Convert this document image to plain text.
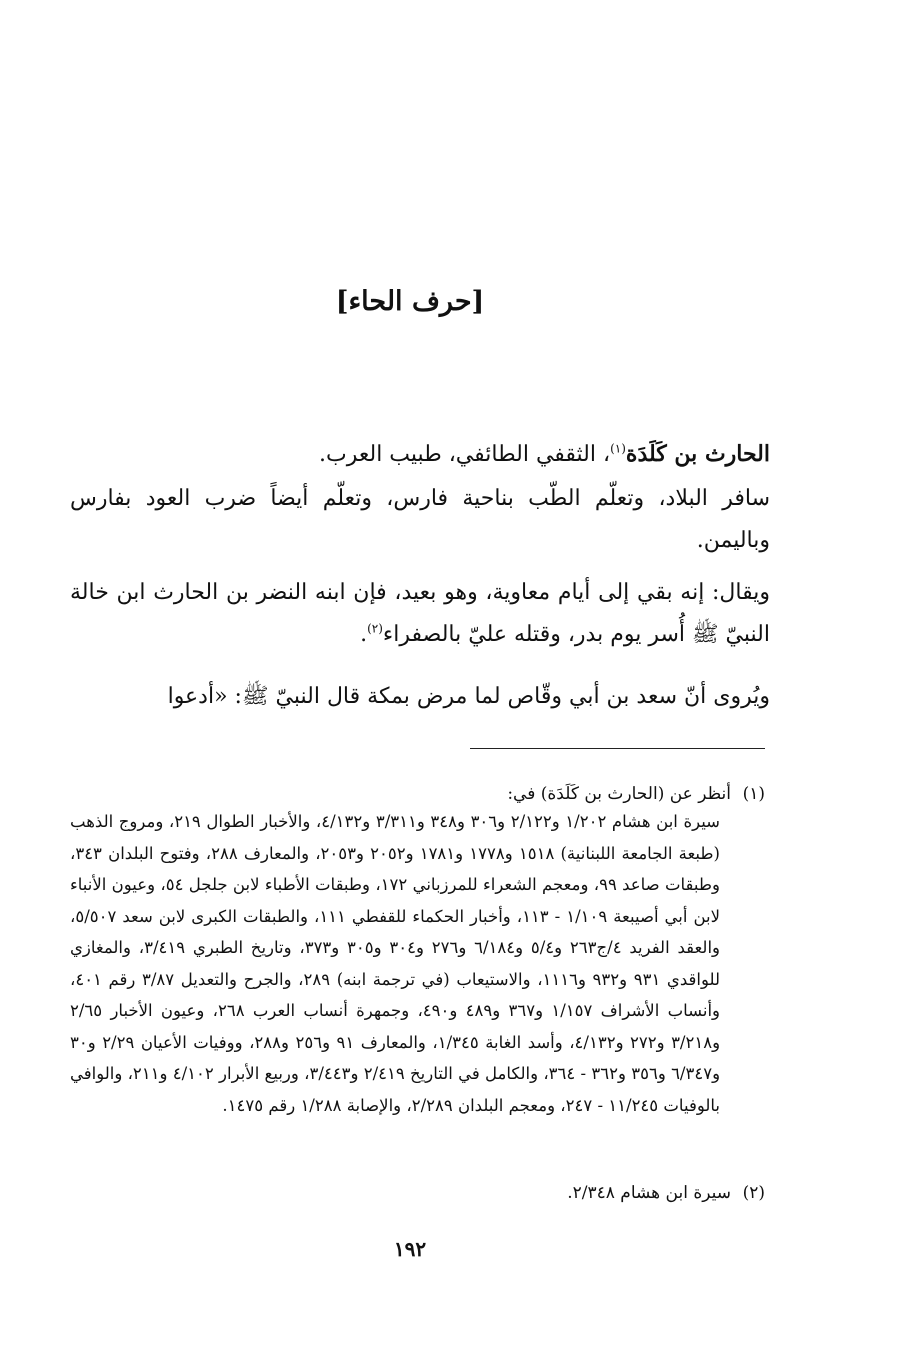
[حرف الحاء]
الحارث بن كَلَدَة$^{(١)}$، الثقفي الطائفي، طبيب العرب.
سافر البلاد، وتعلّم الطّب بناحية فارس، وتعلّم أيضاً ضرب العود بفارس وباليمن.
ويقال: إنه بقي إلى أيام معاوية، وهو بعيد، فإن ابنه النضر بن الحارث ابن خالة النبيّ ﷺ أُسر يوم بدر، وقتله عليّ بالصفراء$^{(٢)}$.
ويُروى أنّ سعد بن أبي وقّاص لما مرض بمكة قال النبيّ ﷺ: «أدعوا
(١)أنظر عن (الحارث بن كَلَدَة) في:
سيرة ابن هشام ١/٢٠٢ و٢/١٢٢ و٣٠٦ و٣٤٨ و٣/٣١١ و٤/١٣٢، والأخبار الطوال ٢١٩، ومروج الذهب (طبعة الجامعة اللبنانية) ١٥١٨ و١٧٧٨ و١٧٨١ و٢٠٥٢ و٢٠٥٣، والمعارف ٢٨٨، وفتوح البلدان ٣٤٣، وطبقات صاعد ٩٩، ومعجم الشعراء للمرزباني ١٧٢، وطبقات الأطباء لابن جلجل ٥٤، وعيون الأنباء لابن أبي أصيبعة ١/١٠٩ - ١١٣، وأخبار الحكماء للقفطي ١١١، والطبقات الكبرى لابن سعد ٥/٥٠٧، والعقد الفريد ٤/ج٢٦٣ و٥/٤ و٦/١٨٤ و٢٧٦ و٣٠٤ و٣٠٥ و٣٧٣، وتاريخ الطبري ٣/٤١٩، والمغازي للواقدي ٩٣١ و٩٣٢ و١١١٦، والاستيعاب (في ترجمة ابنه) ٢٨٩، والجرح والتعديل ٣/٨٧ رقم ٤٠١، وأنساب الأشراف ١/١٥٧ و٣٦٧ و٤٨٩ و٤٩٠، وجمهرة أنساب العرب ٢٦٨، وعيون الأخبار ٢/٦٥ و٣/٢١٨ و٢٧٢ و٤/١٣٢، وأسد الغابة ١/٣٤٥، والمعارف ٩١ و٢٥٦ و٢٨٨، ووفيات الأعيان ٢/٢٩ و٣٠ و٦/٣٤٧ و٣٥٦ و٣٦٢ - ٣٦٤، والكامل في التاريخ ٢/٤١٩ و٣/٤٤٣، وربيع الأبرار ٤/١٠٢ و٢١١، والوافي بالوفيات ١١/٢٤٥ - ٢٤٧، ومعجم البلدان ٢/٢٨٩، والإصابة ١/٢٨٨ رقم ١٤٧٥.
(٢)سيرة ابن هشام ٢/٣٤٨.
١٩٢
